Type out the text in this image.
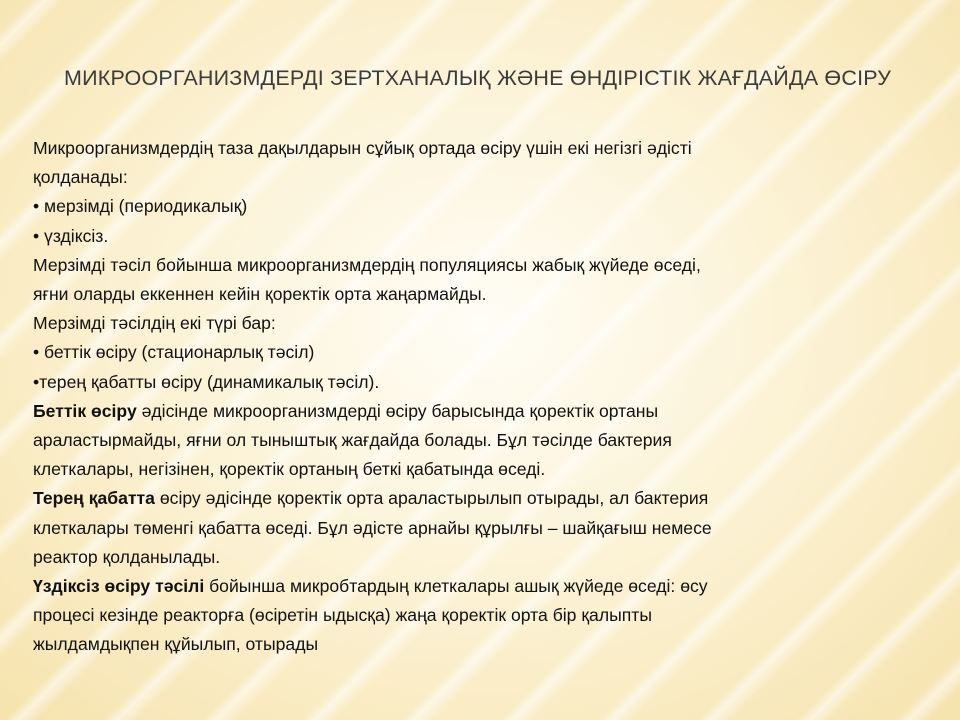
МИКРООРГАНИЗМДЕРДІ ЗЕРТХАНАЛЫҚ ЖӘНЕ ӨНДІРІСТІК ЖАҒДАЙДА ӨСІРУ
Микроорганизмдердің таза дақылдарын сұйық ортада өсіру үшін екі негізгі әдісті
қолданады:
• мерзімді (периодикалық)
• үздіксіз.
Мерзімді тәсіл бойынша микроорганизмдердің популяциясы жабық жүйеде өседі,
яғни оларды еккеннен кейін қоректік орта жаңармайды.
Мерзімді тәсілдің екі түрі бар:
• беттік өсіру (стационарлық тәсіл)
•терең қабатты өсіру (динамикалық тәсіл).
Беттік өсіру әдісінде микроорганизмдерді өсіру барысында қоректік ортаны
араластырмайды, яғни ол тыныштық жағдайда болады. Бұл тәсілде бактерия
клеткалары, негізінен, қоректік ортаның беткі қабатында өседі.
Терең қабатта өсіру әдісінде қоректік орта араластырылып отырады, ал бактерия
клеткалары төменгі қабатта өседі. Бұл әдісте арнайы құрылғы – шайқағыш немесе
реактор қолданылады.
Үздіксіз өсіру тәсілі бойынша микробтардың клеткалары ашық жүйеде өседі: өсу
процесі кезінде реакторға (өсіретін ыдысқа) жаңа қоректік орта бір қалыпты
жылдамдықпен құйылып, отырады
